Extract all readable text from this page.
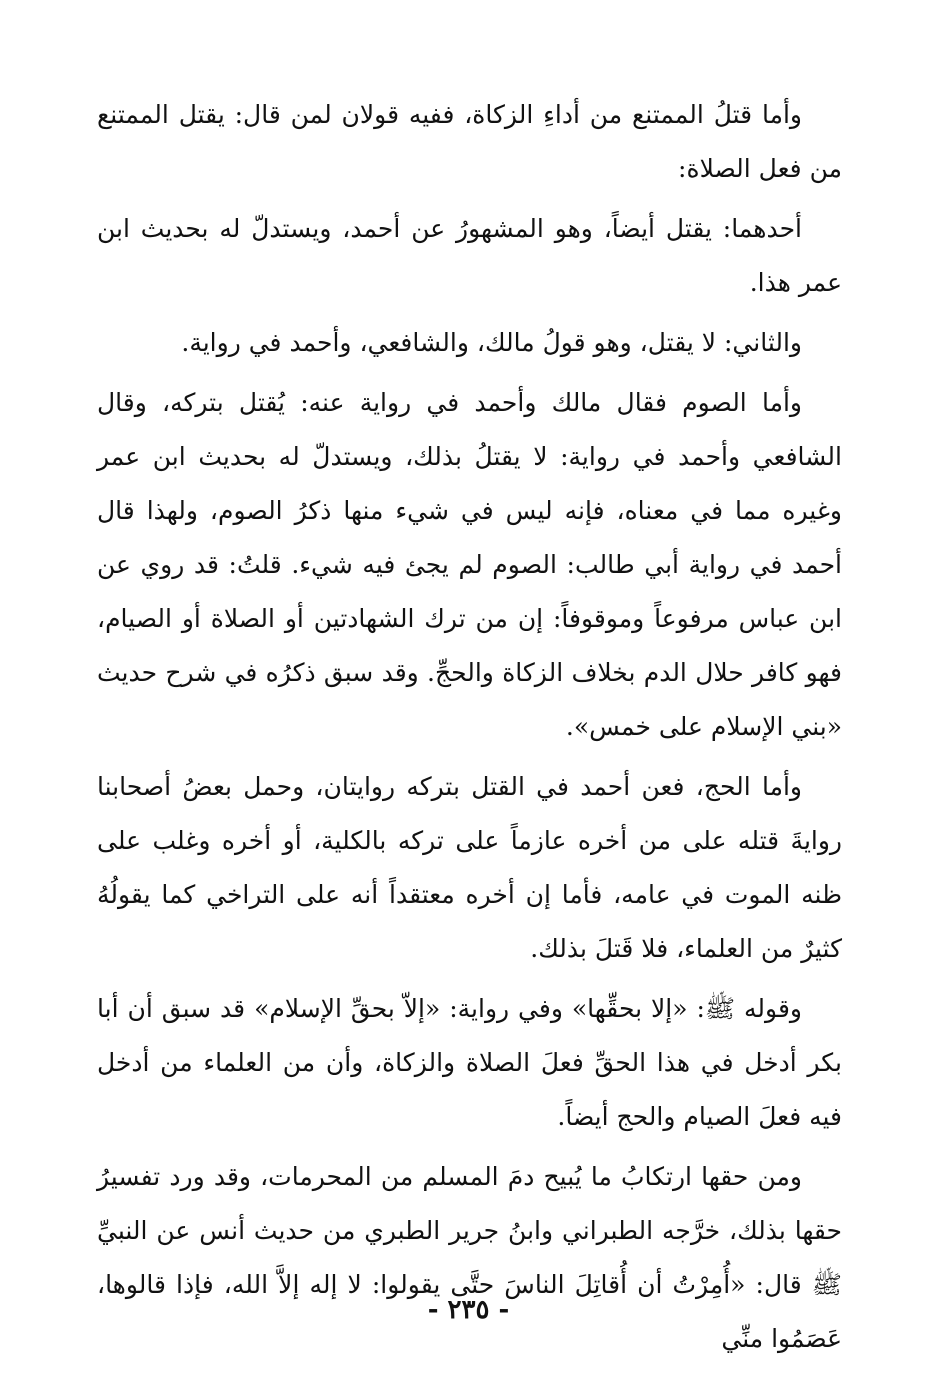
وأما قتلُ الممتنع من أداءِ الزكاة، ففيه قولان لمن قال: يقتل الممتنع من فعل الصلاة:

أحدهما: يقتل أيضاً، وهو المشهورُ عن أحمد، ويستدلّ له بحديث ابن عمر هذا.

والثاني: لا يقتل، وهو قولُ مالك، والشافعي، وأحمد في رواية.

وأما الصوم فقال مالك وأحمد في رواية عنه: يُقتل بتركه، وقال الشافعي وأحمد في رواية: لا يقتلُ بذلك، ويستدلّ له بحديث ابن عمر وغيره مما في معناه، فإنه ليس في شيء منها ذكرُ الصوم، ولهذا قال أحمد في رواية أبي طالب: الصوم لم يجئ فيه شيء. قلتُ: قد روي عن ابن عباس مرفوعاً وموقوفاً: إن من ترك الشهادتين أو الصلاة أو الصيام، فهو كافر حلال الدم بخلاف الزكاة والحجِّ. وقد سبق ذكرُه في شرح حديث «بني الإسلام على خمس».

وأما الحج، فعن أحمد في القتل بتركه روايتان، وحمل بعضُ أصحابنا روايةَ قتله على من أخره عازماً على تركه بالكلية، أو أخره وغلب على ظنه الموت في عامه، فأما إن أخره معتقداً أنه على التراخي كما يقولُهُ كثيرٌ من العلماء، فلا قَتلَ بذلك.

وقوله ﷺ: «إلا بحقِّها» وفي رواية: «إلاّ بحقِّ الإسلام» قد سبق أن أبا بكر أدخل في هذا الحقِّ فعلَ الصلاة والزكاة، وأن من العلماء من أدخل فيه فعلَ الصيام والحج أيضاً.

ومن حقها ارتكابُ ما يُبيح دمَ المسلم من المحرمات، وقد ورد تفسيرُ حقها بذلك، خرَّجه الطبراني وابنُ جرير الطبري من حديث أنس عن النبيِّ ﷺ قال: «أُمِرْتُ أن أُقاتِلَ الناسَ حتَّى يقولوا: لا إله إلاَّ الله، فإذا قالوها، عَصَمُوا منِّي

- ٢٣٥ -
